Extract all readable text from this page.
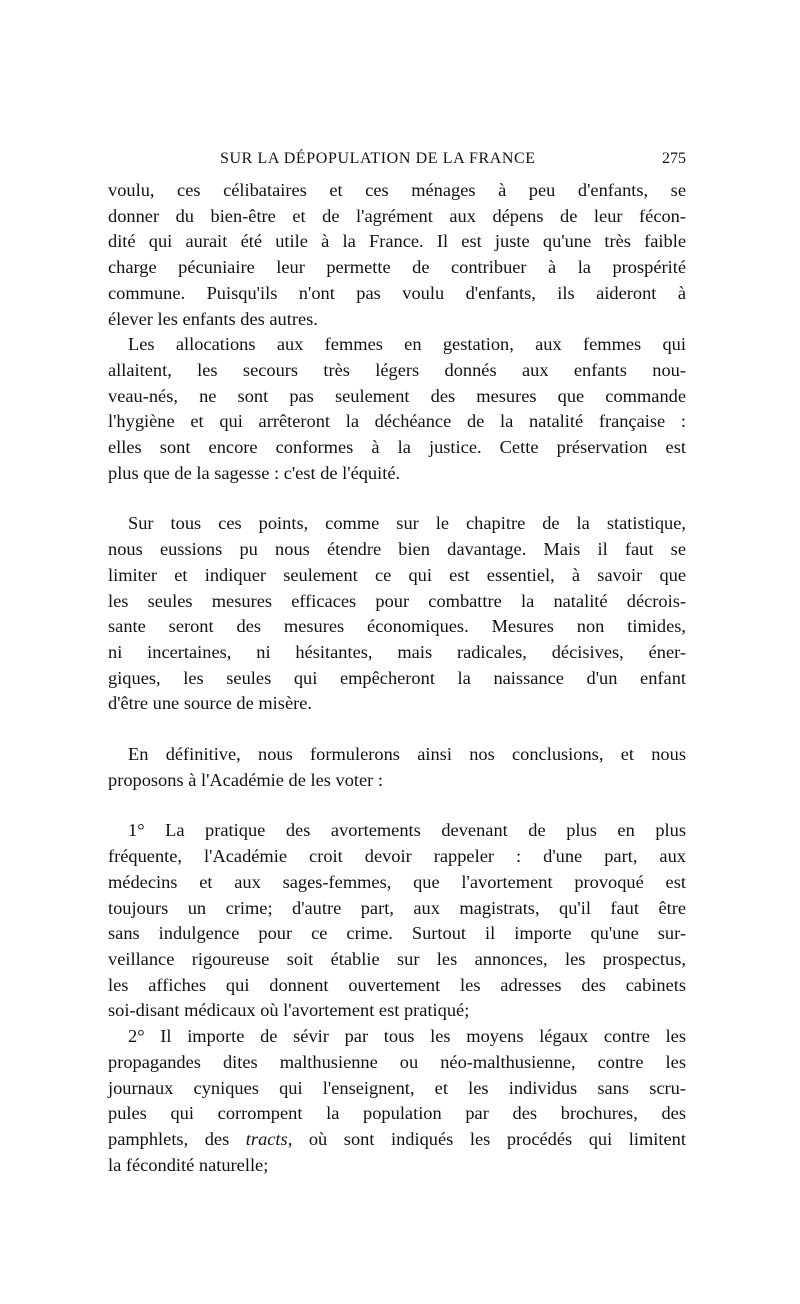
SUR LA DÉPOPULATION DE LA FRANCE	275

voulu, ces célibataires et ces ménages à peu d'enfants, se
donner du bien-être et de l'agrément aux dépens de leur fécon-
dité qui aurait été utile à la France. Il est juste qu'une très faible
charge pécuniaire leur permette de contribuer à la prospérité
commune. Puisqu'ils n'ont pas voulu d'enfants, ils aideront à
élever les enfants des autres.

Les allocations aux femmes en gestation, aux femmes qui
allaitent, les secours très légers donnés aux enfants nou-
veau-nés, ne sont pas seulement des mesures que commande
l'hygiène et qui arrêteront la déchéance de la natalité française :
elles sont encore conformes à la justice. Cette préservation est
plus que de la sagesse : c'est de l'équité.

Sur tous ces points, comme sur le chapitre de la statistique,
nous eussions pu nous étendre bien davantage. Mais il faut se
limiter et indiquer seulement ce qui est essentiel, à savoir que
les seules mesures efficaces pour combattre la natalité décrois-
sante seront des mesures économiques. Mesures non timides,
ni incertaines, ni hésitantes, mais radicales, décisives, éner-
giques, les seules qui empêcheront la naissance d'un enfant
d'être une source de misère.

En définitive, nous formulerons ainsi nos conclusions, et nous
proposons à l'Académie de les voter :

1° La pratique des avortements devenant de plus en plus
fréquente, l'Académie croit devoir rappeler : d'une part, aux
médecins et aux sages-femmes, que l'avortement provoqué est
toujours un crime; d'autre part, aux magistrats, qu'il faut être
sans indulgence pour ce crime. Surtout il importe qu'une sur-
veillance rigoureuse soit établie sur les annonces, les prospectus,
les affiches qui donnent ouvertement les adresses des cabinets
soi-disant médicaux où l'avortement est pratiqué;

2° Il importe de sévir par tous les moyens légaux contre les
propagandes dites malthusienne ou néo-malthusienne, contre les
journaux cyniques qui l'enseignent, et les individus sans scru-
pules qui corrompent la population par des brochures, des
pamphlets, des tracts, où sont indiqués les procédés qui limitent
la fécondité naturelle;
